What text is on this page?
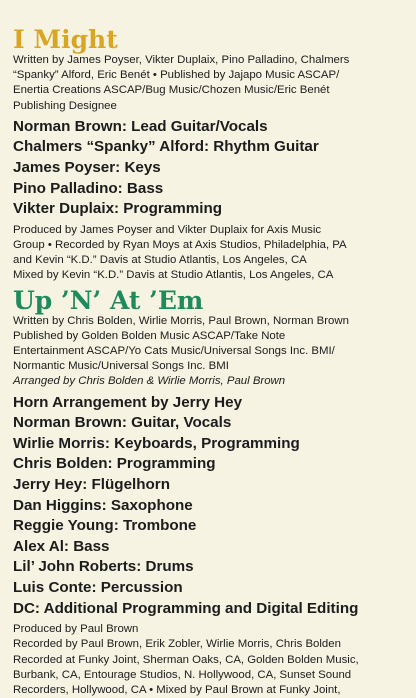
I Might

Written by James Poyser, Vikter Duplaix, Pino Palladino, Chalmers

“Spanky” Alford, Eric Benét • Published by Jajapo Music ASCAP/

Enertia Creations ASCAP/Bug Music/Chozen Music/Eric Benét

Publishing Designee

Norman Brown: Lead Guitar/Vocals

Chalmers “Spanky” Alford: Rhythm Guitar

James Poyser: Keys

Pino Palladino: Bass

Vikter Duplaix: Programming

Produced by James Poyser and Vikter Duplaix for Axis Music

Group • Recorded by Ryan Moys at Axis Studios, Philadelphia, PA

and Kevin “K.D.” Davis at Studio Atlantis, Los Angeles, CA

Mixed by Kevin “K.D.” Davis at Studio Atlantis, Los Angeles, CA

Up ’N’ At ’Em

Written by Chris Bolden, Wirlie Morris, Paul Brown, Norman Brown

Published by Golden Bolden Music ASCAP/Take Note

Entertainment ASCAP/Yo Cats Music/Universal Songs Inc. BMI/

Normantic Music/Universal Songs Inc. BMI

Arranged by Chris Bolden & Wirlie Morris, Paul Brown

Horn Arrangement by Jerry Hey

Norman Brown: Guitar, Vocals

Wirlie Morris: Keyboards, Programming

Chris Bolden: Programming

Jerry Hey: Flügelhorn

Dan Higgins: Saxophone

Reggie Young: Trombone

Alex Al: Bass

Lil’ John Roberts: Drums

Luis Conte: Percussion

DC: Additional Programming and Digital Editing

Produced by Paul Brown

Recorded by Paul Brown, Erik Zobler, Wirlie Morris, Chris Bolden

Recorded at Funky Joint, Sherman Oaks, CA, Golden Bolden Music,

Burbank, CA, Entourage Studios, N. Hollywood, CA, Sunset Sound

Recorders, Hollywood, CA • Mixed by Paul Brown at Funky Joint,
